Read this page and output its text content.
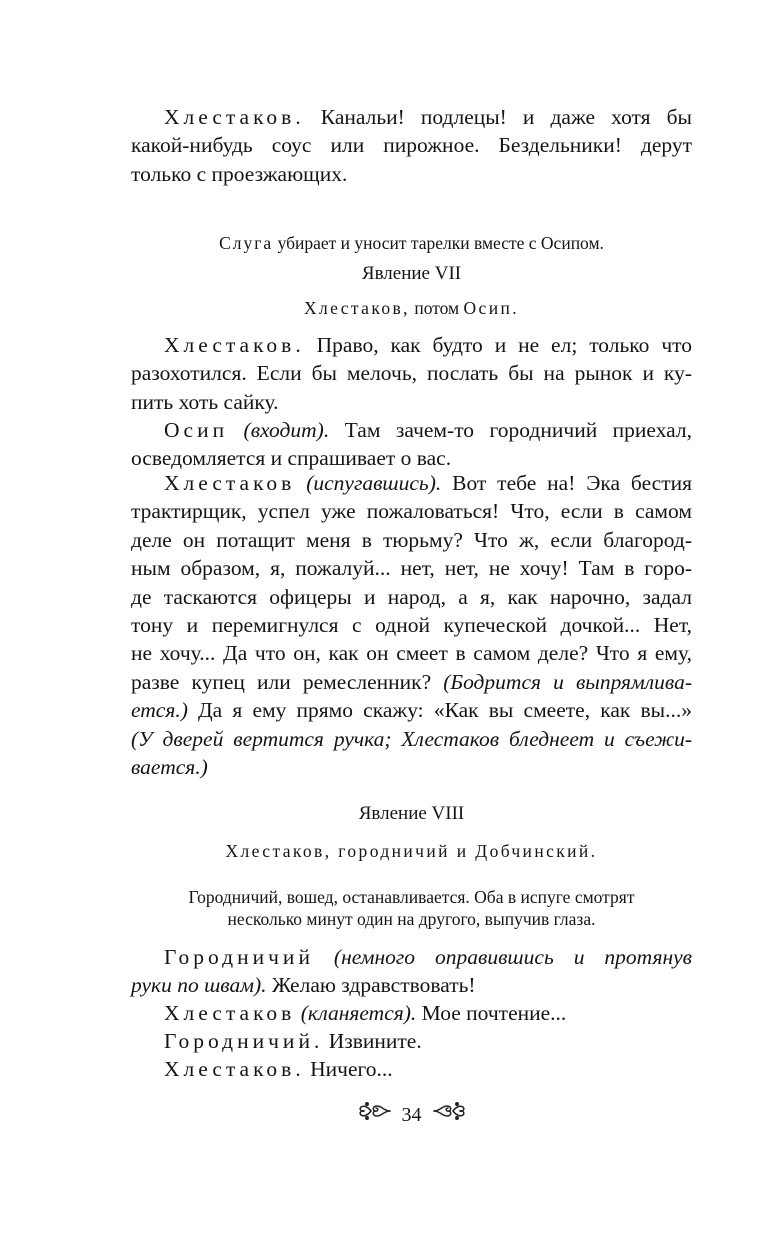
Хлестаков. Канальи! подлецы! и даже хотя бы
какой-нибудь соус или пирожное. Бездельники! дерут
только с проезжающих.

Слуга убирает и уносит тарелки вместе с Осипом.

Явление VII

Хлестаков, потом Осип.

Хлестаков. Право, как будто и не ел; только что
разохотился. Если бы мелочь, послать бы на рынок и ку-
пить хоть сайку.
Осип (входит). Там зачем-то городничий приехал,
осведомляется и спрашивает о вас.
Хлестаков (испугавшись). Вот тебе на! Эка бестия
трактирщик, успел уже пожаловаться! Что, если в самом
деле он потащит меня в тюрьму? Что ж, если благород-
ным образом, я, пожалуй... нет, нет, не хочу! Там в горо-
де таскаются офицеры и народ, а я, как нарочно, задал
тону и перемигнулся с одной купеческой дочкой... Нет,
не хочу... Да что он, как он смеет в самом деле? Что я ему,
разве купец или ремесленник? (Бодрится и выпрямлива-
ется.) Да я ему прямо скажу: «Как вы смеете, как вы...»
(У дверей вертится ручка; Хлестаков бледнеет и съежи-
вается.)

Явление VIII

Хлестаков, городничий и Добчинский.

Городничий, вошед, останавливается. Оба в испуге смотрят
несколько минут один на другого, выпучив глаза.
Городничий (немного оправившись и протянув
руки по швам). Желаю здравствовать!
Хлестаков (кланяется). Мое почтение...
Городничий. Извините.
Хлестаков. Ничего...
34
